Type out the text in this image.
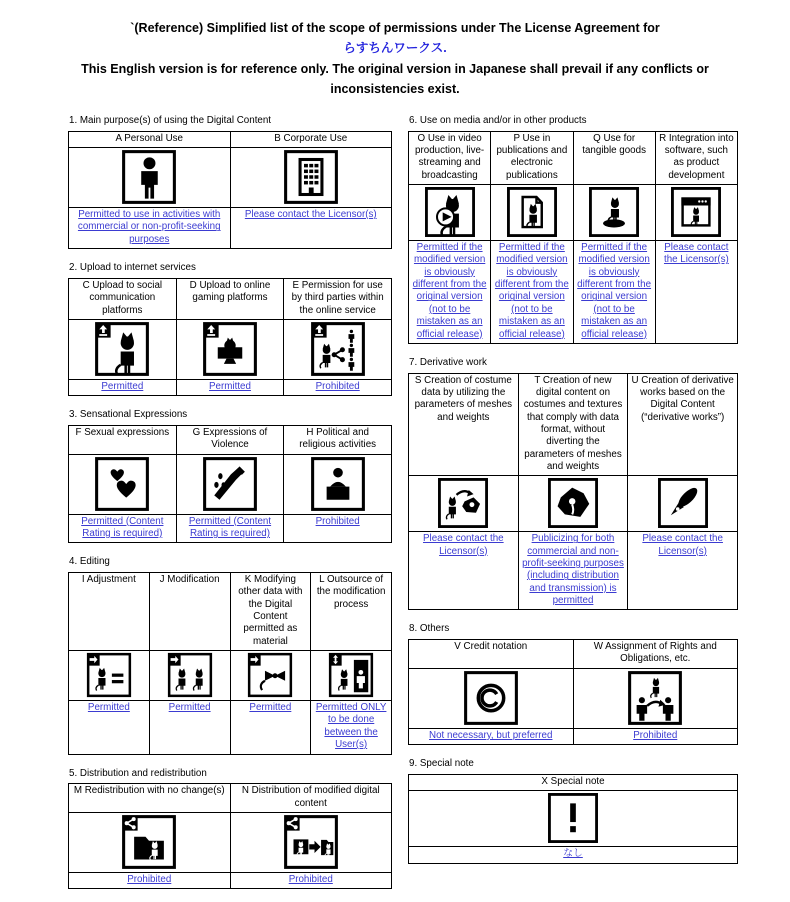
`(Reference) Simplified list of the scope of permissions under The License Agreement for
らすちんワークス.
This English version is for reference only. The original version in Japanese shall prevail if any conflicts or inconsistencies exist.
1. Main purpose(s) of using the Digital Content
A Personal Use	B Corporate Use

Permitted to use in activities with commercial or non-profit-seeking purposes	Please contact the Licensor(s)
2. Upload to internet services
C Upload to social communication platforms	D Upload to online gaming platforms	E Permission for use by third parties within the online service

Permitted	Permitted	Prohibited
3. Sensational Expressions
F Sexual expressions	G Expressions of Violence	H Political and religious activities

Permitted (Content Rating is required)	Permitted (Content Rating is required)	Prohibited
4. Editing
I Adjustment	J Modification	K Modifying other data with the Digital Content permitted as material	L Outsource of the modification process

Permitted	Permitted	Permitted	Permitted ONLY to be done between the User(s)
5. Distribution and redistribution
M Redistribution with no change(s)	N Distribution of modified digital content

Prohibited	Prohibited
6. Use on media and/or in other products
O Use in video production, live-streaming and broadcasting	P Use in publications and electronic publications	Q Use for tangible goods	R Integration into software, such as product development

Permitted if the modified version is obviously different from the original version (not to be mistaken as an official release)	Permitted if the modified version is obviously different from the original version (not to be mistaken as an official release)	Permitted if the modified version is obviously different from the original version (not to be mistaken as an official release)	Please contact the Licensor(s)
7. Derivative work
S Creation of costume data by utilizing the parameters of meshes and weights	T Creation of new digital content on costumes and textures that comply with data format, without diverting the parameters of meshes and weights	U Creation of derivative works based on the Digital Content (“derivative works”)

Please contact the Licensor(s)	Publicizing for both commercial and non-profit-seeking purposes (including distribution and transmission) is permitted	Please contact the Licensor(s)
8. Others
V Credit notation	W Assignment of Rights and Obligations, etc.

Not necessary, but preferred	Prohibited
9. Special note
X Special note

なし
